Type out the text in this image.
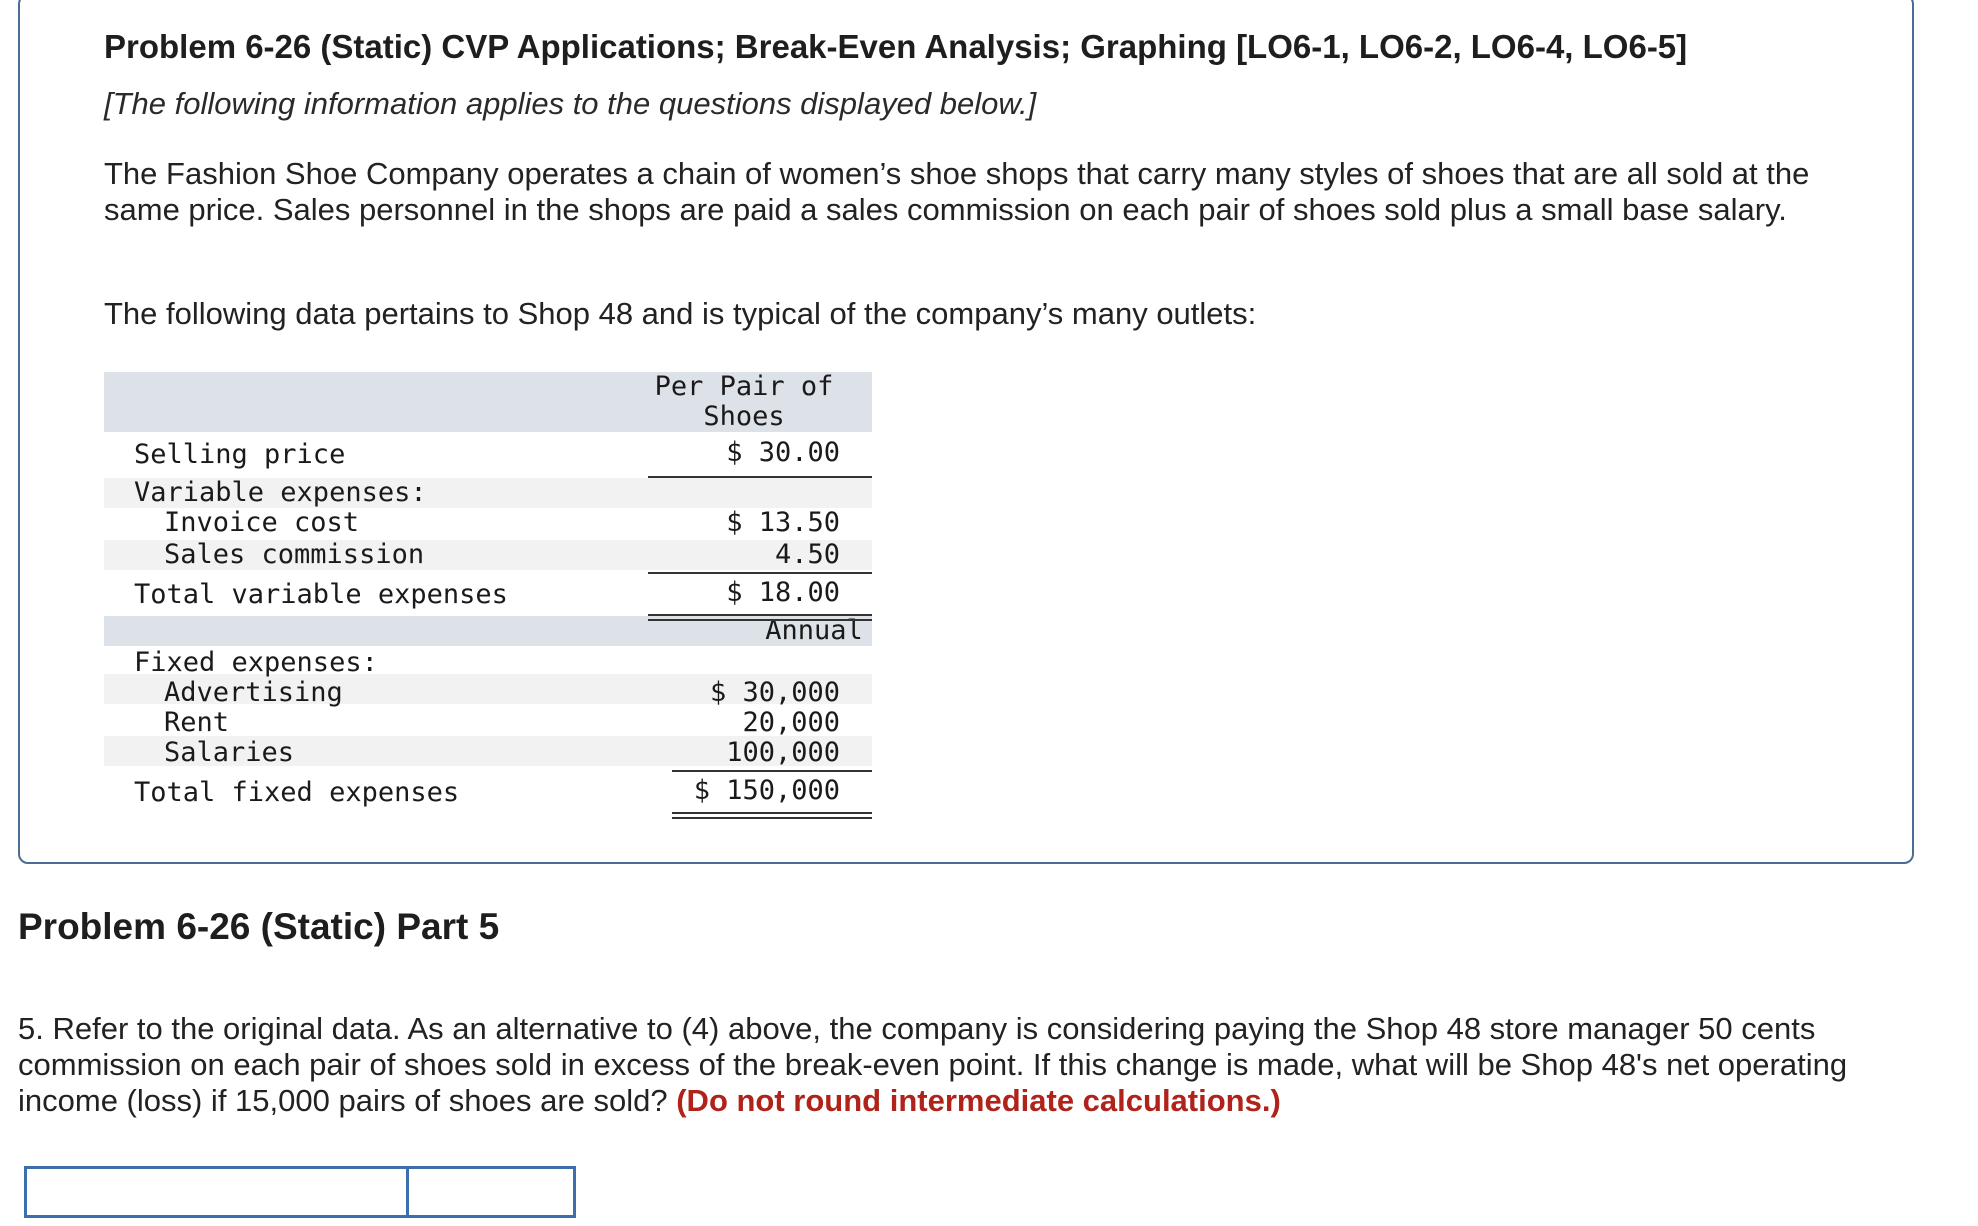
Problem 6-26 (Static) CVP Applications; Break-Even Analysis; Graphing [LO6-1, LO6-2, LO6-4, LO6-5]
[The following information applies to the questions displayed below.]
The Fashion Shoe Company operates a chain of women’s shoe shops that carry many styles of shoes that are all sold at the same price. Sales personnel in the shops are paid a sales commission on each pair of shoes sold plus a small base salary.
The following data pertains to Shop 48 and is typical of the company’s many outlets:
Per Pair of
Shoes
Annual
Selling price	$ 30.00
Variable expenses:
Invoice cost	$ 13.50
Sales commission	4.50
Total variable expenses	$ 18.00
Fixed expenses:
Advertising	$ 30,000
Rent	20,000
Salaries	100,000
Total fixed expenses	$ 150,000
Problem 6-26 (Static) Part 5
5. Refer to the original data. As an alternative to (4) above, the company is considering paying the Shop 48 store manager 50 cents commission on each pair of shoes sold in excess of the break-even point. If this change is made, what will be Shop 48's net operating income (loss) if 15,000 pairs of shoes are sold? (Do not round intermediate calculations.)
